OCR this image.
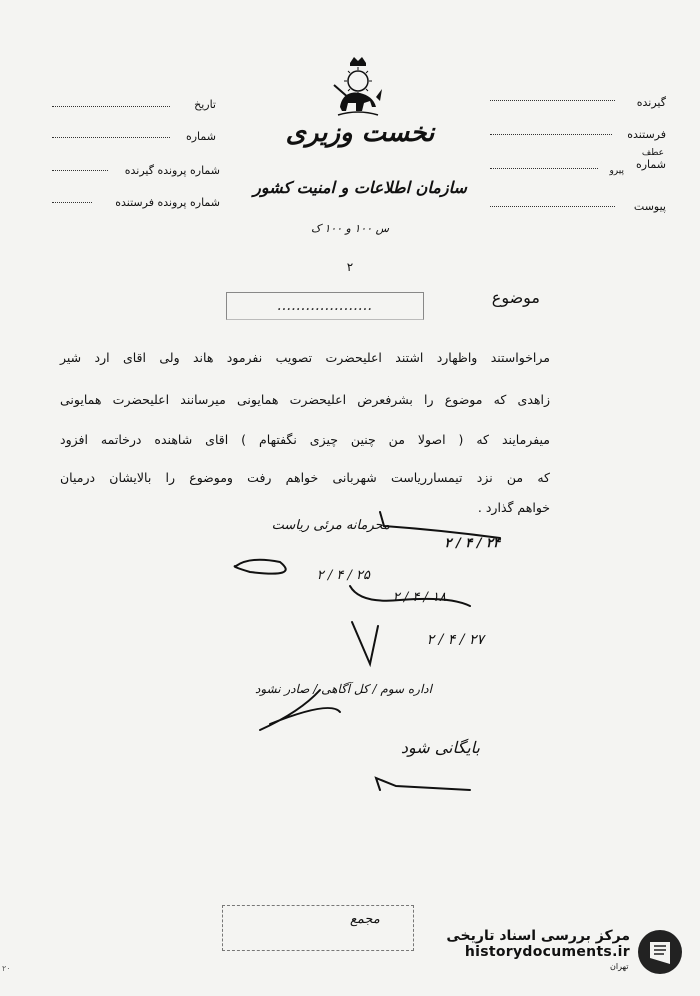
گیرنده
فرستنده
عطف
پیرو	شماره
پیوست
تاریخ
شماره
شماره پرونده گیرنده
شماره پرونده فرستنده
نخست وزیری
سازمان اطلاعات و امنیت کشور
س ۱۰۰ و ۱۰۰ ک
۲
موضوع
....................
مراخواستند واظهارد اشتند اعلیحضرت تصویب نفرمود هاند ولی اقای ارد شیر
زاهدی که موضوع را بشرفعرض اعلیحضرت همایونی میرسانند اعلیحضرت همایونی
میفرمایند که ( اصولا من چنین چیزی نگفتهام ) اقای شاهنده درخاتمه افزود
که من نزد تیمسارریاست شهربانی خواهم رفت وموضوع را بالایشان درمیان
خواهم گذارد .
محرمانه مرئی ریاست
۲۴ / ۴ / ۲
۲۵ / ۴ / ۲
۱۸ / ۴ / ۲
۲۷ / ۴ / ۲
اداره سوم / کل آگاهی / صادر نشود
بایگانی شود
مجمع
مرکز بررسی اسناد تاریخی
historydocuments.ir
تهران
۲۰
